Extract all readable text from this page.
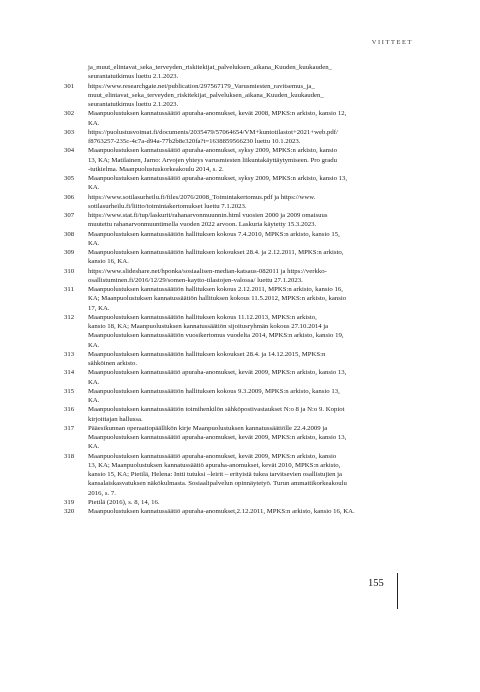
VIITTEET
ja_muut_elintavat_seka_terveyden_riskitekijat_palveluksen_aikana_Kuuden_kuukauden_
seurantatutkimus luettu 2.1.2023.
301	https://www.researchgate.net/publication/297567179_Varusmiesten_ravitsemus_ja_
muut_elintavat_seka_terveyden_riskitekijat_palveluksen_aikana_Kuuden_kuukauden_
seurantatutkimus luettu 2.1.2023.
302	Maanpuolustuksen kannatussäätiö apuraha-anomukset, kevät 2008, MPKS:n arkisto, kansio 12,
KA.
303	https://puolustusvoimat.fi/documents/2035479/57064654/VM+kuntotilastot+2021+web.pdf/
f8763257-235c-4c7a-d94a-77b2b8e320fa?t=1638859566230 luettu 10.1.2023.
304	Maanpuolustuksen kannatussäätiö apuraha-anomukset, syksy 2009, MPKS:n arkisto, kansio
13, KA; Matilainen, Jarno: Arvojen yhteys varusmiesten liikuntakäyttäytymiseen. Pro gradu
-tutkielma. Maanpuolustuskorkeakoulu 2014, s. 2.
305	Maanpuolustuksen kannatussäätiö apuraha-anomukset, syksy 2009, MPKS:n arkisto, kansio 13,
KA.
306	https://www.sotilasurheilu.fi/files/2076/2008_Toimintakertomus.pdf ja https://www.
sotilasurheilu.fi/liitto/toimintakertomukset luettu 7.1.2023.
307	https://www.stat.fi/tup/laskurit/rahanarvonmuunnin.html vuosien 2000 ja 2009 omaisuus
muutettu rahanarvonmuuntimella vuoden 2022 arvoon. Laskuria käytetty 15.3.2023.
308	Maanpuolustuksen kannatussäätiön hallituksen kokous 7.4.2010, MPKS:n arkisto, kansio 15,
KA.
309	Maanpuolustuksen kannatussäätiön hallituksen kokoukset 28.4. ja 2.12.2011, MPKS:n arkisto,
kansio 16, KA.
310	https://www.slideshare.net/hponka/sosiaalisen-median-katsaus-082011 ja https://verkko-
osallistuminen.fi/2016/12/29/somen-kaytto-tilastojen-valossa/ luettu 27.1.2023.
311	Maanpuolustuksen kannatussäätiön hallituksen kokous 2.12.2011, MPKS:n arkisto, kansio 16,
KA; Maanpuolustuksen kannatussäätiön hallituksen kokous 11.5.2012, MPKS:n arkisto, kansio
17, KA.
312	Maanpuolustuksen kannatussäätiön hallituksen kokous 11.12.2013, MPKS:n arkisto,
kansio 18, KA; Maanpuolustuksen kannatussäätiön sijoitusryhmän kokous 27.10.2014 ja
Maanpuolustuksen kannatussäätiön vuosikertomus vuodelta 2014, MPKS:n arkisto, kansio 19,
KA.
313	Maanpuolustuksen kannatussäätiön hallituksen kokoukset 28.4. ja 14.12.2015, MPKS:n
sähköinen arkisto.
314	Maanpuolustuksen kannatussäätiö apuraha-anomukset, kevät 2009, MPKS:n arkisto, kansio 13,
KA.
315	Maanpuolustuksen kannatussäätiön hallituksen kokous 9.3.2009, MPKS:n arkisto, kansio 13,
KA.
316	Maanpuolustuksen kannatussäätiön toimihenkilön sähköpostivastaukset N:o 8 ja N:o 9. Kopiot
kirjoittajan hallussa.
317	Pääesikunnan operaatiopäällikön kirje Maanpuolustuksen kannatussäätiölle 22.4.2009 ja
Maanpuolustuksen kannatussäätiö apuraha-anomukset, kevät 2009, MPKS:n arkisto, kansio 13,
KA.
318	Maanpuolustuksen kannatussäätiö apuraha-anomukset, kevät 2009, MPKS:n arkisto, kansio
13, KA; Maanpuolustuksen kannatussäätiö apuraha-anomukset, kevät 2010, MPKS:n arkisto,
kansio 15, KA; Pietilä, Helena: Intti tutuksi –leirit – erityistä tukea tarvitsevien osallistujien ja
kansalaiskasvatuksen näkökulmasta. Sosiaalipalvelun opinnäytetyö. Turun ammattikorkeakoulu
2016, s. 7.
319	Pietilä (2016), s. 8, 14, 16.
320	Maanpuolustuksen kannatussäätiö apuraha-anomukset,2.12.2011, MPKS:n arkisto, kansio 16, KA.
155
